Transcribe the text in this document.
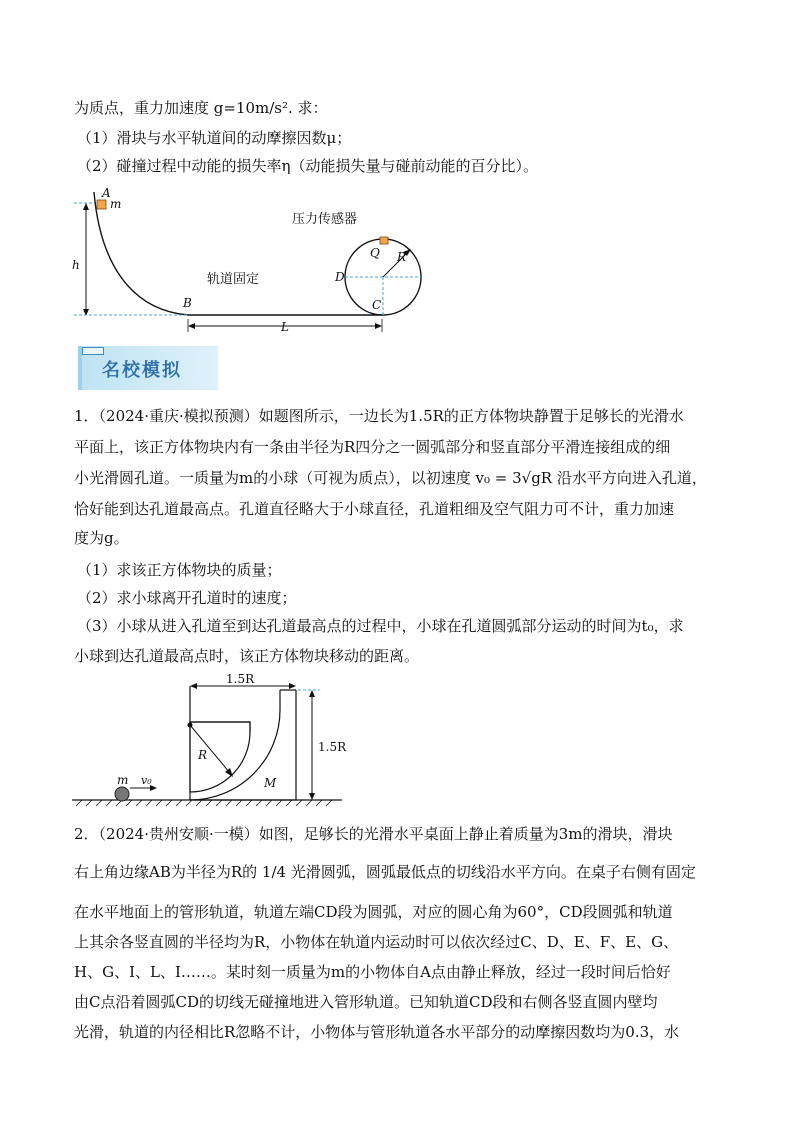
为质点，重力加速度 g=10m/s². 求：
（1）滑块与水平轨道间的动摩擦因数μ；
（2）碰撞过程中动能的损失率η（动能损失量与碰前动能的百分比）。
A
m
h
B
L
C
D
Q R
轨道固定
压力传感器
名校模拟
1．（2024·重庆·模拟预测）如题图所示，一边长为1.5R的正方体物块静置于足够长的光滑水
平面上，该正方体物块内有一条由半径为R四分之一圆弧部分和竖直部分平滑连接组成的细
小光滑圆孔道。一质量为m的小球（可视为质点），以初速度 v₀ = 3√gR 沿水平方向进入孔道，
恰好能到达孔道最高点。孔道直径略大于小球直径，孔道粗细及空气阻力可不计，重力加速
度为g。
（1）求该正方体物块的质量；
（2）求小球离开孔道时的速度；
（3）小球从进入孔道至到达孔道最高点的过程中，小球在孔道圆弧部分运动的时间为t₀，求
小球到达孔道最高点时，该正方体物块移动的距离。
1.5R
1.5R
R
M
m v₀
2．（2024·贵州安顺·一模）如图，足够长的光滑水平桌面上静止着质量为3m的滑块，滑块
右上角边缘AB为半径为R的 1/4 光滑圆弧，圆弧最低点的切线沿水平方向。在桌子右侧有固定
在水平地面上的管形轨道，轨道左端CD段为圆弧，对应的圆心角为60°，CD段圆弧和轨道
上其余各竖直圆的半径均为R，小物体在轨道内运动时可以依次经过C、D、E、F、E、G、
H、G、I、L、I……。某时刻一质量为m的小物体自A点由静止释放，经过一段时间后恰好
由C点沿着圆弧CD的切线无碰撞地进入管形轨道。已知轨道CD段和右侧各竖直圆内壁均
光滑，轨道的内径相比R忽略不计，小物体与管形轨道各水平部分的动摩擦因数均为0.3，水
